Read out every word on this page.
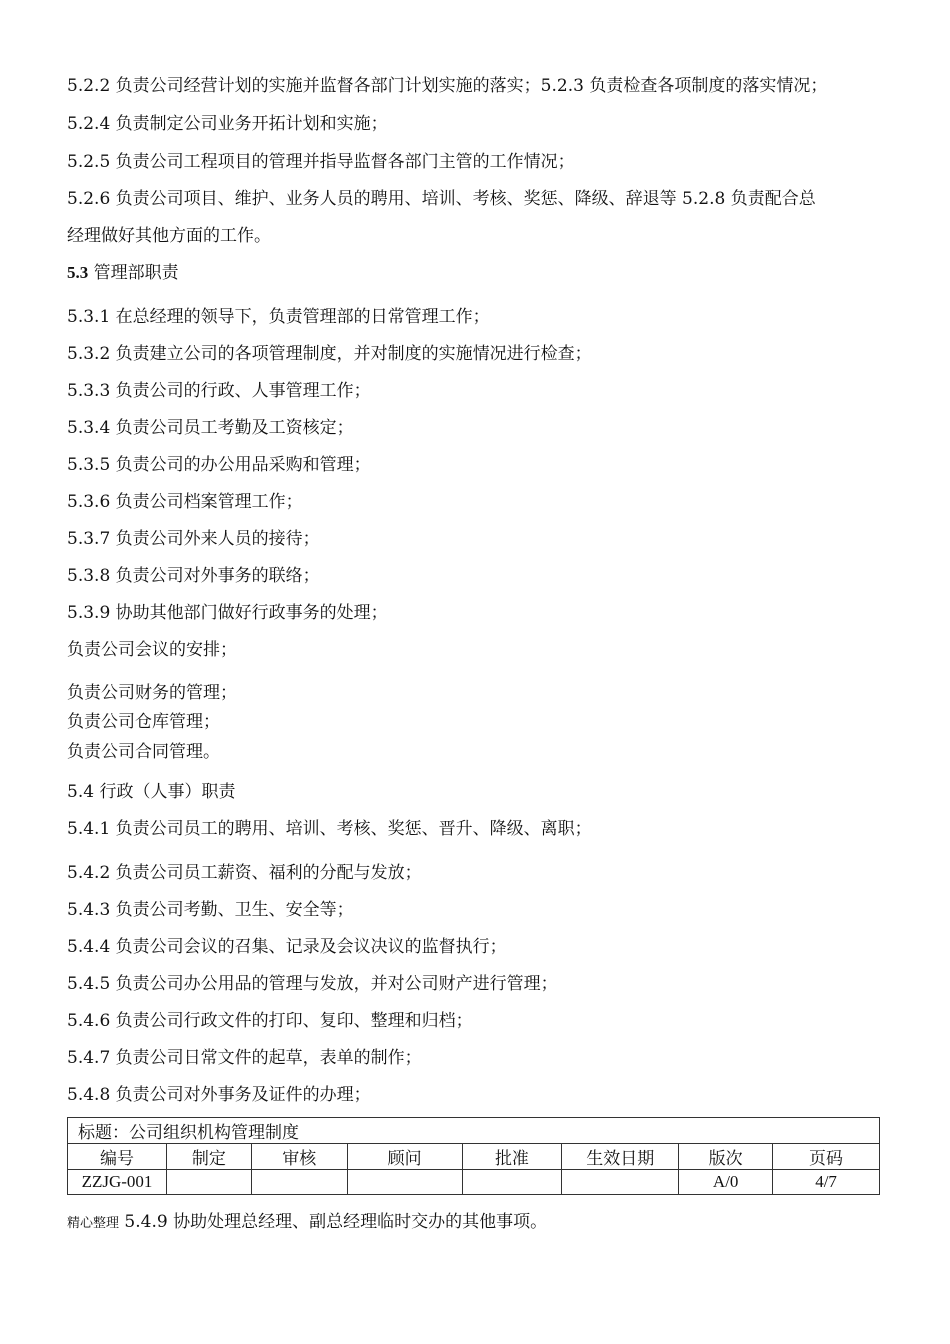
5.2.2 负责公司经营计划的实施并监督各部门计划实施的落实；5.2.3 负责检查各项制度的落实情况；
5.2.4 负责制定公司业务开拓计划和实施；
5.2.5 负责公司工程项目的管理并指导监督各部门主管的工作情况；
5.2.6 负责公司项目、维护、业务人员的聘用、培训、考核、奖惩、降级、辞退等 5.2.8 负责配合总
经理做好其他方面的工作。
5.3 管理部职责
5.3.1 在总经理的领导下，负责管理部的日常管理工作；
5.3.2 负责建立公司的各项管理制度，并对制度的实施情况进行检查；
5.3.3 负责公司的行政、人事管理工作；
5.3.4 负责公司员工考勤及工资核定；
5.3.5 负责公司的办公用品采购和管理；
5.3.6 负责公司档案管理工作；
5.3.7 负责公司外来人员的接待；
5.3.8 负责公司对外事务的联络；
5.3.9 协助其他部门做好行政事务的处理；
负责公司会议的安排；
负责公司财务的管理；
负责公司仓库管理；
负责公司合同管理。
5.4 行政（人事）职责
5.4.1 负责公司员工的聘用、培训、考核、奖惩、晋升、降级、离职；
5.4.2 负责公司员工薪资、福利的分配与发放；
5.4.3 负责公司考勤、卫生、安全等；
5.4.4 负责公司会议的召集、记录及会议决议的监督执行；
5.4.5 负责公司办公用品的管理与发放，并对公司财产进行管理；
5.4.6 负责公司行政文件的打印、复印、整理和归档；
5.4.7 负责公司日常文件的起草，表单的制作；
5.4.8 负责公司对外事务及证件的办理；
标题：公司组织机构管理制度							
编号	制定	审核	顾问	批准	生效日期	版次	页码
ZZJG-001						A/0	4/7
精心整理 5.4.9 协助处理总经理、副总经理临时交办的其他事项。
